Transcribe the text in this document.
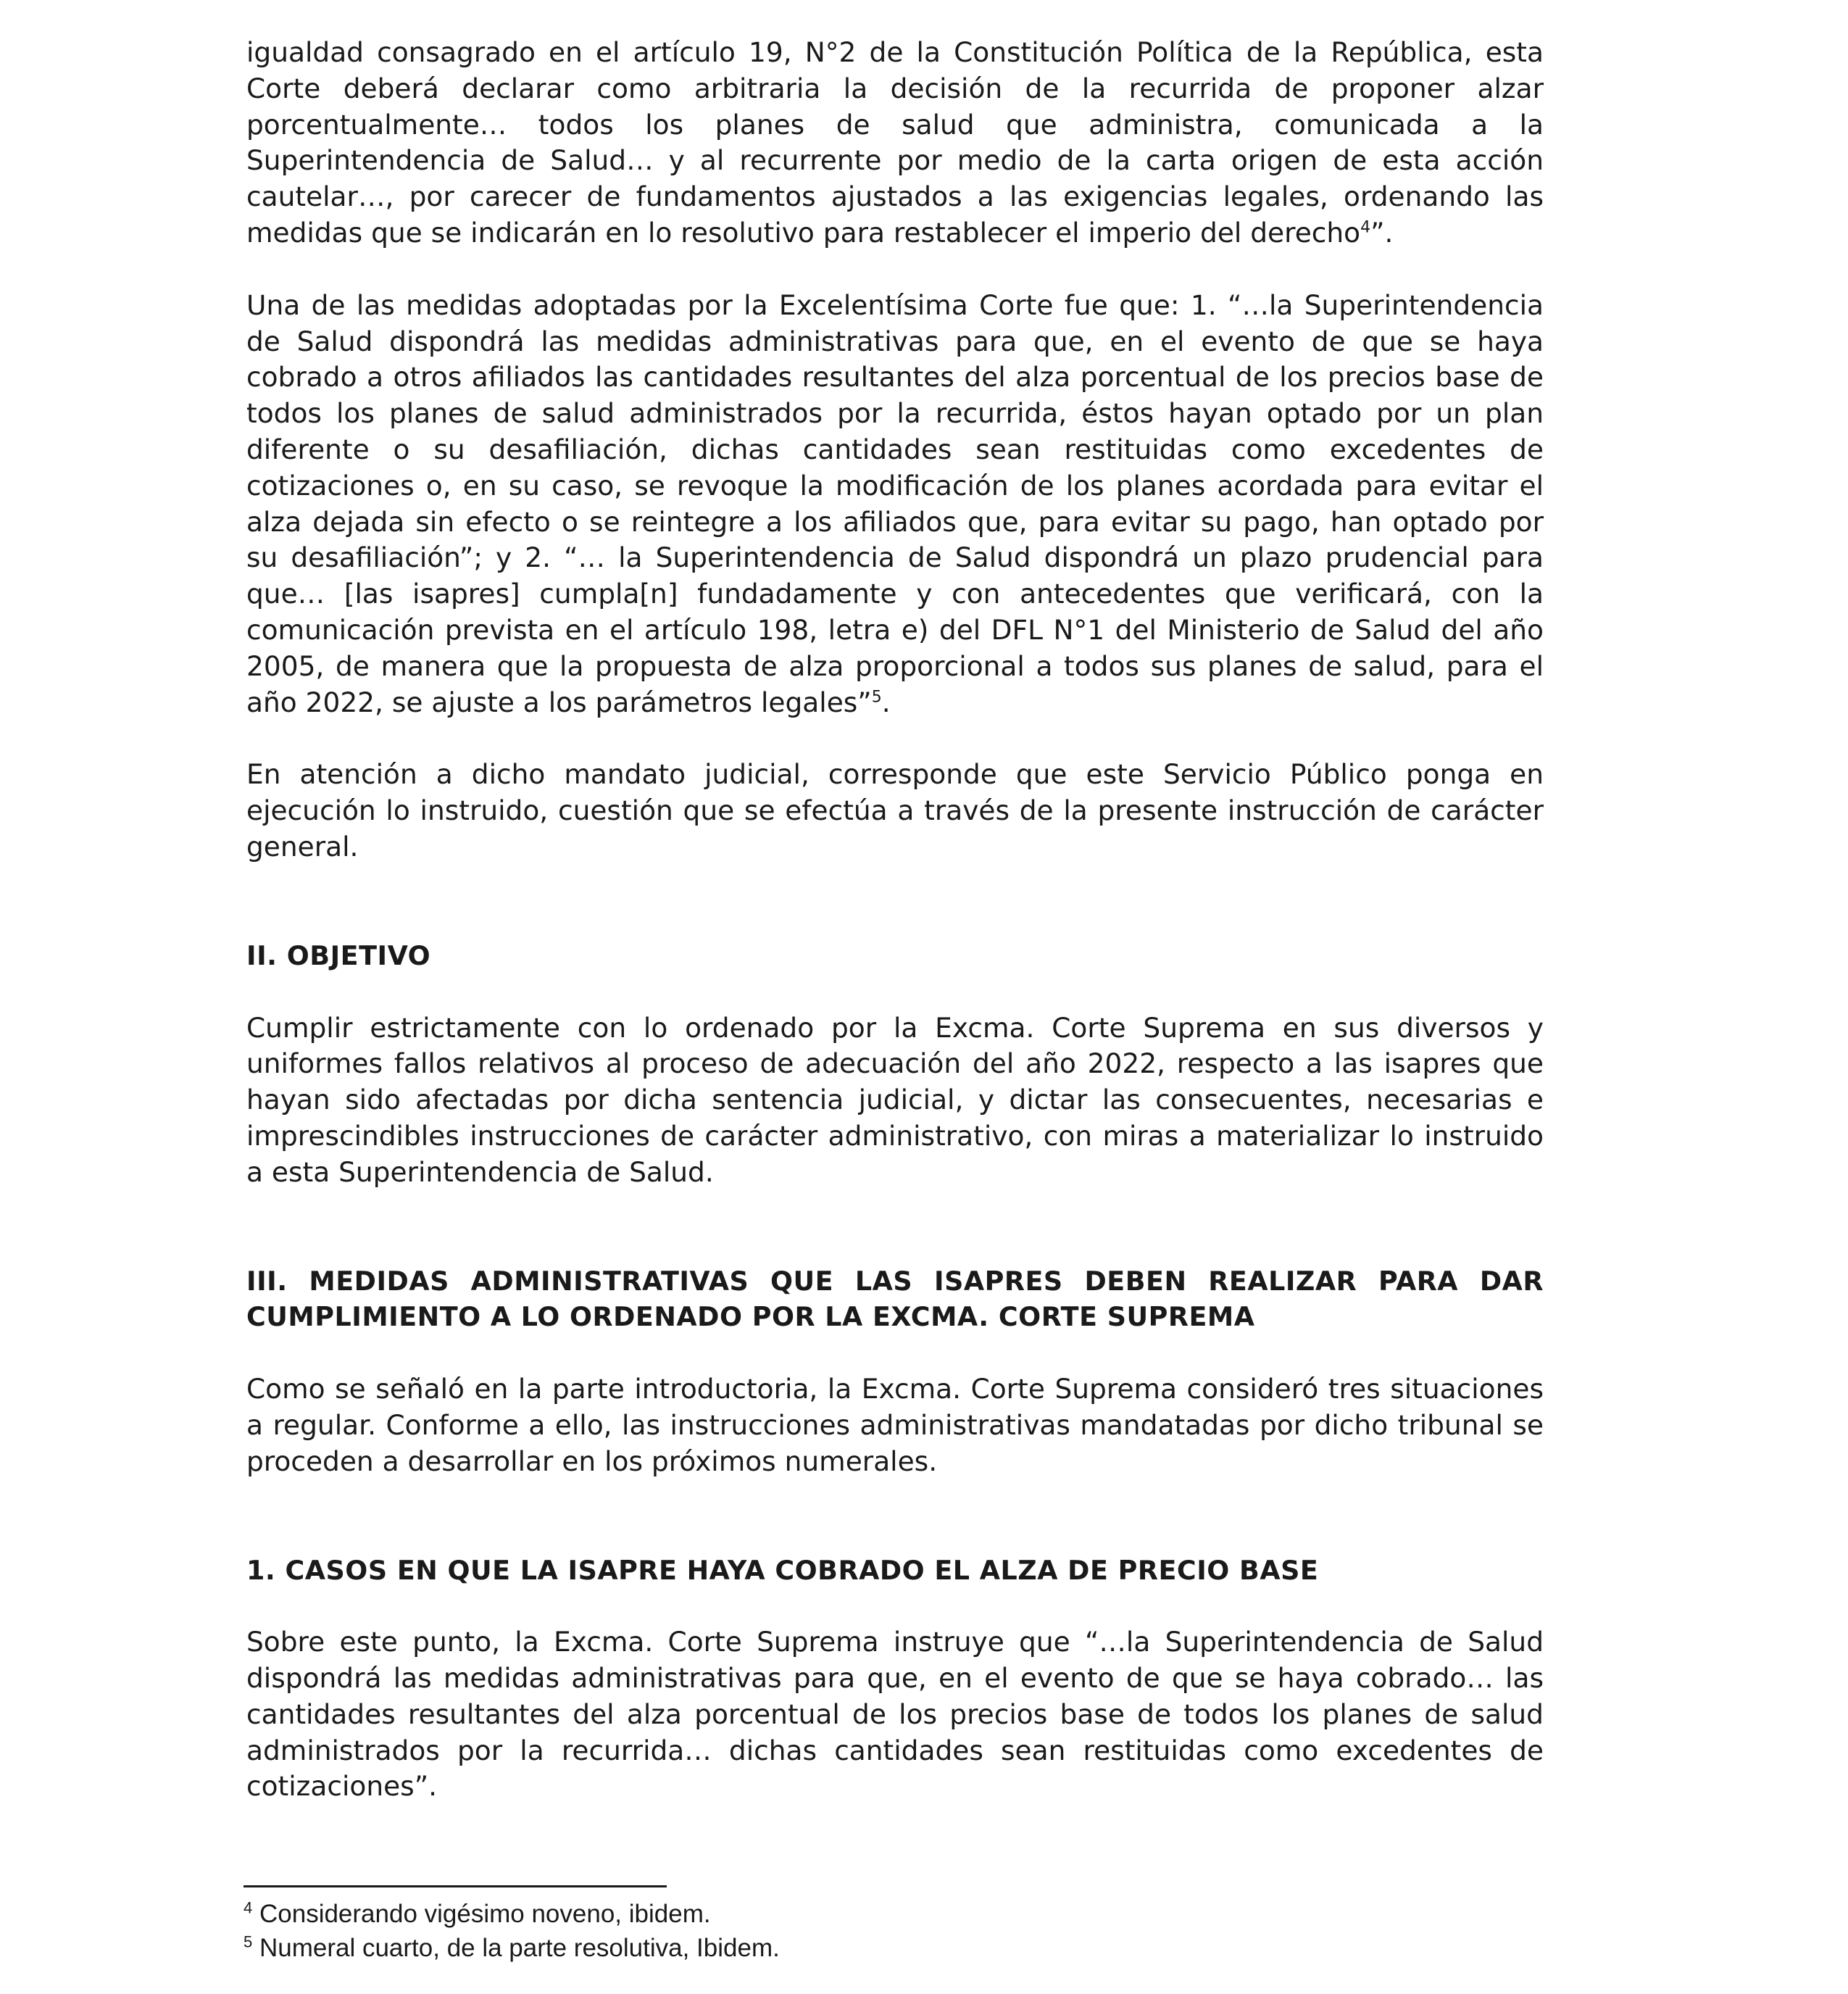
igualdad consagrado en el artículo 19, N°2 de la Constitución Política de la República, esta Corte deberá declarar como arbitraria la decisión de la recurrida de proponer alzar porcentualmente… todos los planes de salud que administra, comunicada a la Superintendencia de Salud… y al recurrente por medio de la carta origen de esta acción cautelar…, por carecer de fundamentos ajustados a las exigencias legales, ordenando las medidas que se indicarán en lo resolutivo para restablecer el imperio del derecho$^4$”.

Una de las medidas adoptadas por la Excelentísima Corte fue que: 1. “…la Superintendencia de Salud dispondrá las medidas administrativas para que, en el evento de que se haya cobrado a otros afiliados las cantidades resultantes del alza porcentual de los precios base de todos los planes de salud administrados por la recurrida, éstos hayan optado por un plan diferente o su desafiliación, dichas cantidades sean restituidas como excedentes de cotizaciones o, en su caso, se revoque la modificación de los planes acordada para evitar el alza dejada sin efecto o se reintegre a los afiliados que, para evitar su pago, han optado por su desafiliación”; y 2. “… la Superintendencia de Salud dispondrá un plazo prudencial para que… [las isapres] cumpla[n] fundadamente y con antecedentes que verificará, con la comunicación prevista en el artículo 198, letra e) del DFL N°1 del Ministerio de Salud del año 2005, de manera que la propuesta de alza proporcional a todos sus planes de salud, para el año 2022, se ajuste a los parámetros legales”$^5$.

En atención a dicho mandato judicial, corresponde que este Servicio Público ponga en ejecución lo instruido, cuestión que se efectúa a través de la presente instrucción de carácter general.

II. OBJETIVO

Cumplir estrictamente con lo ordenado por la Excma. Corte Suprema en sus diversos y uniformes fallos relativos al proceso de adecuación del año 2022, respecto a las isapres que hayan sido afectadas por dicha sentencia judicial, y dictar las consecuentes, necesarias e imprescindibles instrucciones de carácter administrativo, con miras a materializar lo instruido a esta Superintendencia de Salud.

III. MEDIDAS ADMINISTRATIVAS QUE LAS ISAPRES DEBEN REALIZAR PARA DAR CUMPLIMIENTO A LO ORDENADO POR LA EXCMA. CORTE SUPREMA

Como se señaló en la parte introductoria, la Excma. Corte Suprema consideró tres situaciones a regular. Conforme a ello, las instrucciones administrativas mandatadas por dicho tribunal se proceden a desarrollar en los próximos numerales.

1. CASOS EN QUE LA ISAPRE HAYA COBRADO EL ALZA DE PRECIO BASE

Sobre este punto, la Excma. Corte Suprema instruye que “…la Superintendencia de Salud dispondrá las medidas administrativas para que, en el evento de que se haya cobrado… las cantidades resultantes del alza porcentual de los precios base de todos los planes de salud administrados por la recurrida… dichas cantidades sean restituidas como excedentes de cotizaciones”.

$^4$ Considerando vigésimo noveno, ibidem.
$^5$ Numeral cuarto, de la parte resolutiva, Ibidem.
